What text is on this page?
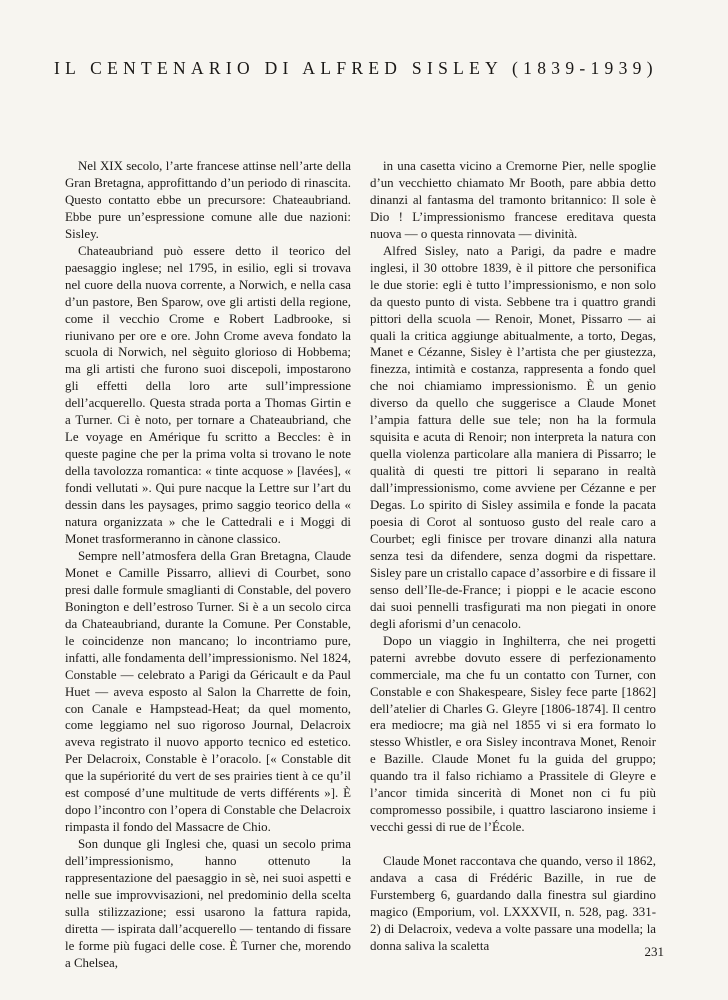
IL CENTENARIO DI ALFRED SISLEY (1839-1939)

Nel XIX secolo, l’arte francese attinse nell’arte della Gran Bretagna, approfittando d’un periodo di rinascita. Questo contatto ebbe un precursore: Chateaubriand. Ebbe pure un’espressione comune alle due nazioni: Sisley.

Chateaubriand può essere detto il teorico del paesaggio inglese; nel 1795, in esilio, egli si trovava nel cuore della nuova corrente, a Norwich, e nella casa d’un pastore, Ben Sparow, ove gli artisti della regione, come il vecchio Crome e Robert Ladbrooke, si riunivano per ore e ore. John Crome aveva fondato la scuola di Norwich, nel sèguito glorioso di Hobbema; ma gli artisti che furono suoi discepoli, impostarono gli effetti della loro arte sull’impressione dell’acquerello. Questa strada porta a Thomas Girtin e a Turner. Ci è noto, per tornare a Chateaubriand, che Le voyage en Amérique fu scritto a Beccles: è in queste pagine che per la prima volta si trovano le note della tavolozza romantica: « tinte acquose » [lavées], « fondi vellutati ». Qui pure nacque la Lettre sur l’art du dessin dans les paysages, primo saggio teorico della « natura organizzata » che le Cattedrali e i Moggi di Monet trasformeranno in cànone classico.

Sempre nell’atmosfera della Gran Bretagna, Claude Monet e Camille Pissarro, allievi di Courbet, sono presi dalle formule smaglianti di Constable, del povero Bonington e dell’estroso Turner. Si è a un secolo circa da Chateaubriand, durante la Comune. Per Constable, le coincidenze non mancano; lo incontriamo pure, infatti, alle fondamenta dell’impressionismo. Nel 1824, Constable — celebrato a Parigi da Géricault e da Paul Huet — aveva esposto al Salon la Charrette de foin, con Canale e Hampstead-Heat; da quel momento, come leggiamo nel suo rigoroso Journal, Delacroix aveva registrato il nuovo apporto tecnico ed estetico. Per Delacroix, Constable è l’oracolo. [« Constable dit que la supériorité du vert de ses prairies tient à ce qu’il est composé d’une multitude de verts différents »]. È dopo l’incontro con l’opera di Constable che Delacroix rimpasta il fondo del Massacre de Chio.

Son dunque gli Inglesi che, quasi un secolo prima dell’impressionismo, hanno ottenuto la rappresentazione del paesaggio in sè, nei suoi aspetti e nelle sue improvvisazioni, nel predominio della scelta sulla stilizzazione; essi usarono la fattura rapida, diretta — ispirata dall’acquerello — tentando di fissare le forme più fugaci delle cose. È Turner che, morendo a Chelsea,

in una casetta vicino a Cremorne Pier, nelle spoglie d’un vecchietto chiamato Mr Booth, pare abbia detto dinanzi al fantasma del tramonto britannico: Il sole è Dio ! L’impressionismo francese ereditava questa nuova — o questa rinnovata — divinità.

Alfred Sisley, nato a Parigi, da padre e madre inglesi, il 30 ottobre 1839, è il pittore che personifica le due storie: egli è tutto l’impressionismo, e non solo da questo punto di vista. Sebbene tra i quattro grandi pittori della scuola — Renoir, Monet, Pissarro — ai quali la critica aggiunge abitualmente, a torto, Degas, Manet e Cézanne, Sisley è l’artista che per giustezza, finezza, intimità e costanza, rappresenta a fondo quel che noi chiamiamo impressionismo. È un genio diverso da quello che suggerisce a Claude Monet l’ampia fattura delle sue tele; non ha la formula squisita e acuta di Renoir; non interpreta la natura con quella violenza particolare alla maniera di Pissarro; le qualità di questi tre pittori li separano in realtà dall’impressionismo, come avviene per Cézanne e per Degas. Lo spirito di Sisley assimila e fonde la pacata poesia di Corot al sontuoso gusto del reale caro a Courbet; egli finisce per trovare dinanzi alla natura senza tesi da difendere, senza dogmi da rispettare. Sisley pare un cristallo capace d’assorbire e di fissare il senso dell’Ile-de-France; i pioppi e le acacie escono dai suoi pennelli trasfigurati ma non piegati in onore degli aforismi d’un cenacolo.

Dopo un viaggio in Inghilterra, che nei progetti paterni avrebbe dovuto essere di perfezionamento commerciale, ma che fu un contatto con Turner, con Constable e con Shakespeare, Sisley fece parte [1862] dell’atelier di Charles G. Gleyre [1806-1874]. Il centro era mediocre; ma già nel 1855 vi si era formato lo stesso Whistler, e ora Sisley incontrava Monet, Renoir e Bazille. Claude Monet fu la guida del gruppo; quando tra il falso richiamo a Prassitele di Gleyre e l’ancor timida sincerità di Monet non ci fu più compromesso possibile, i quattro lasciarono insieme i vecchi gessi di rue de l’École.

Claude Monet raccontava che quando, verso il 1862, andava a casa di Frédéric Bazille, in rue de Furstemberg 6, guardando dalla finestra sul giardino magico (Emporium, vol. LXXXVII, n. 528, pag. 331-2) di Delacroix, vedeva a volte passare una modella; la donna saliva la scaletta	231
